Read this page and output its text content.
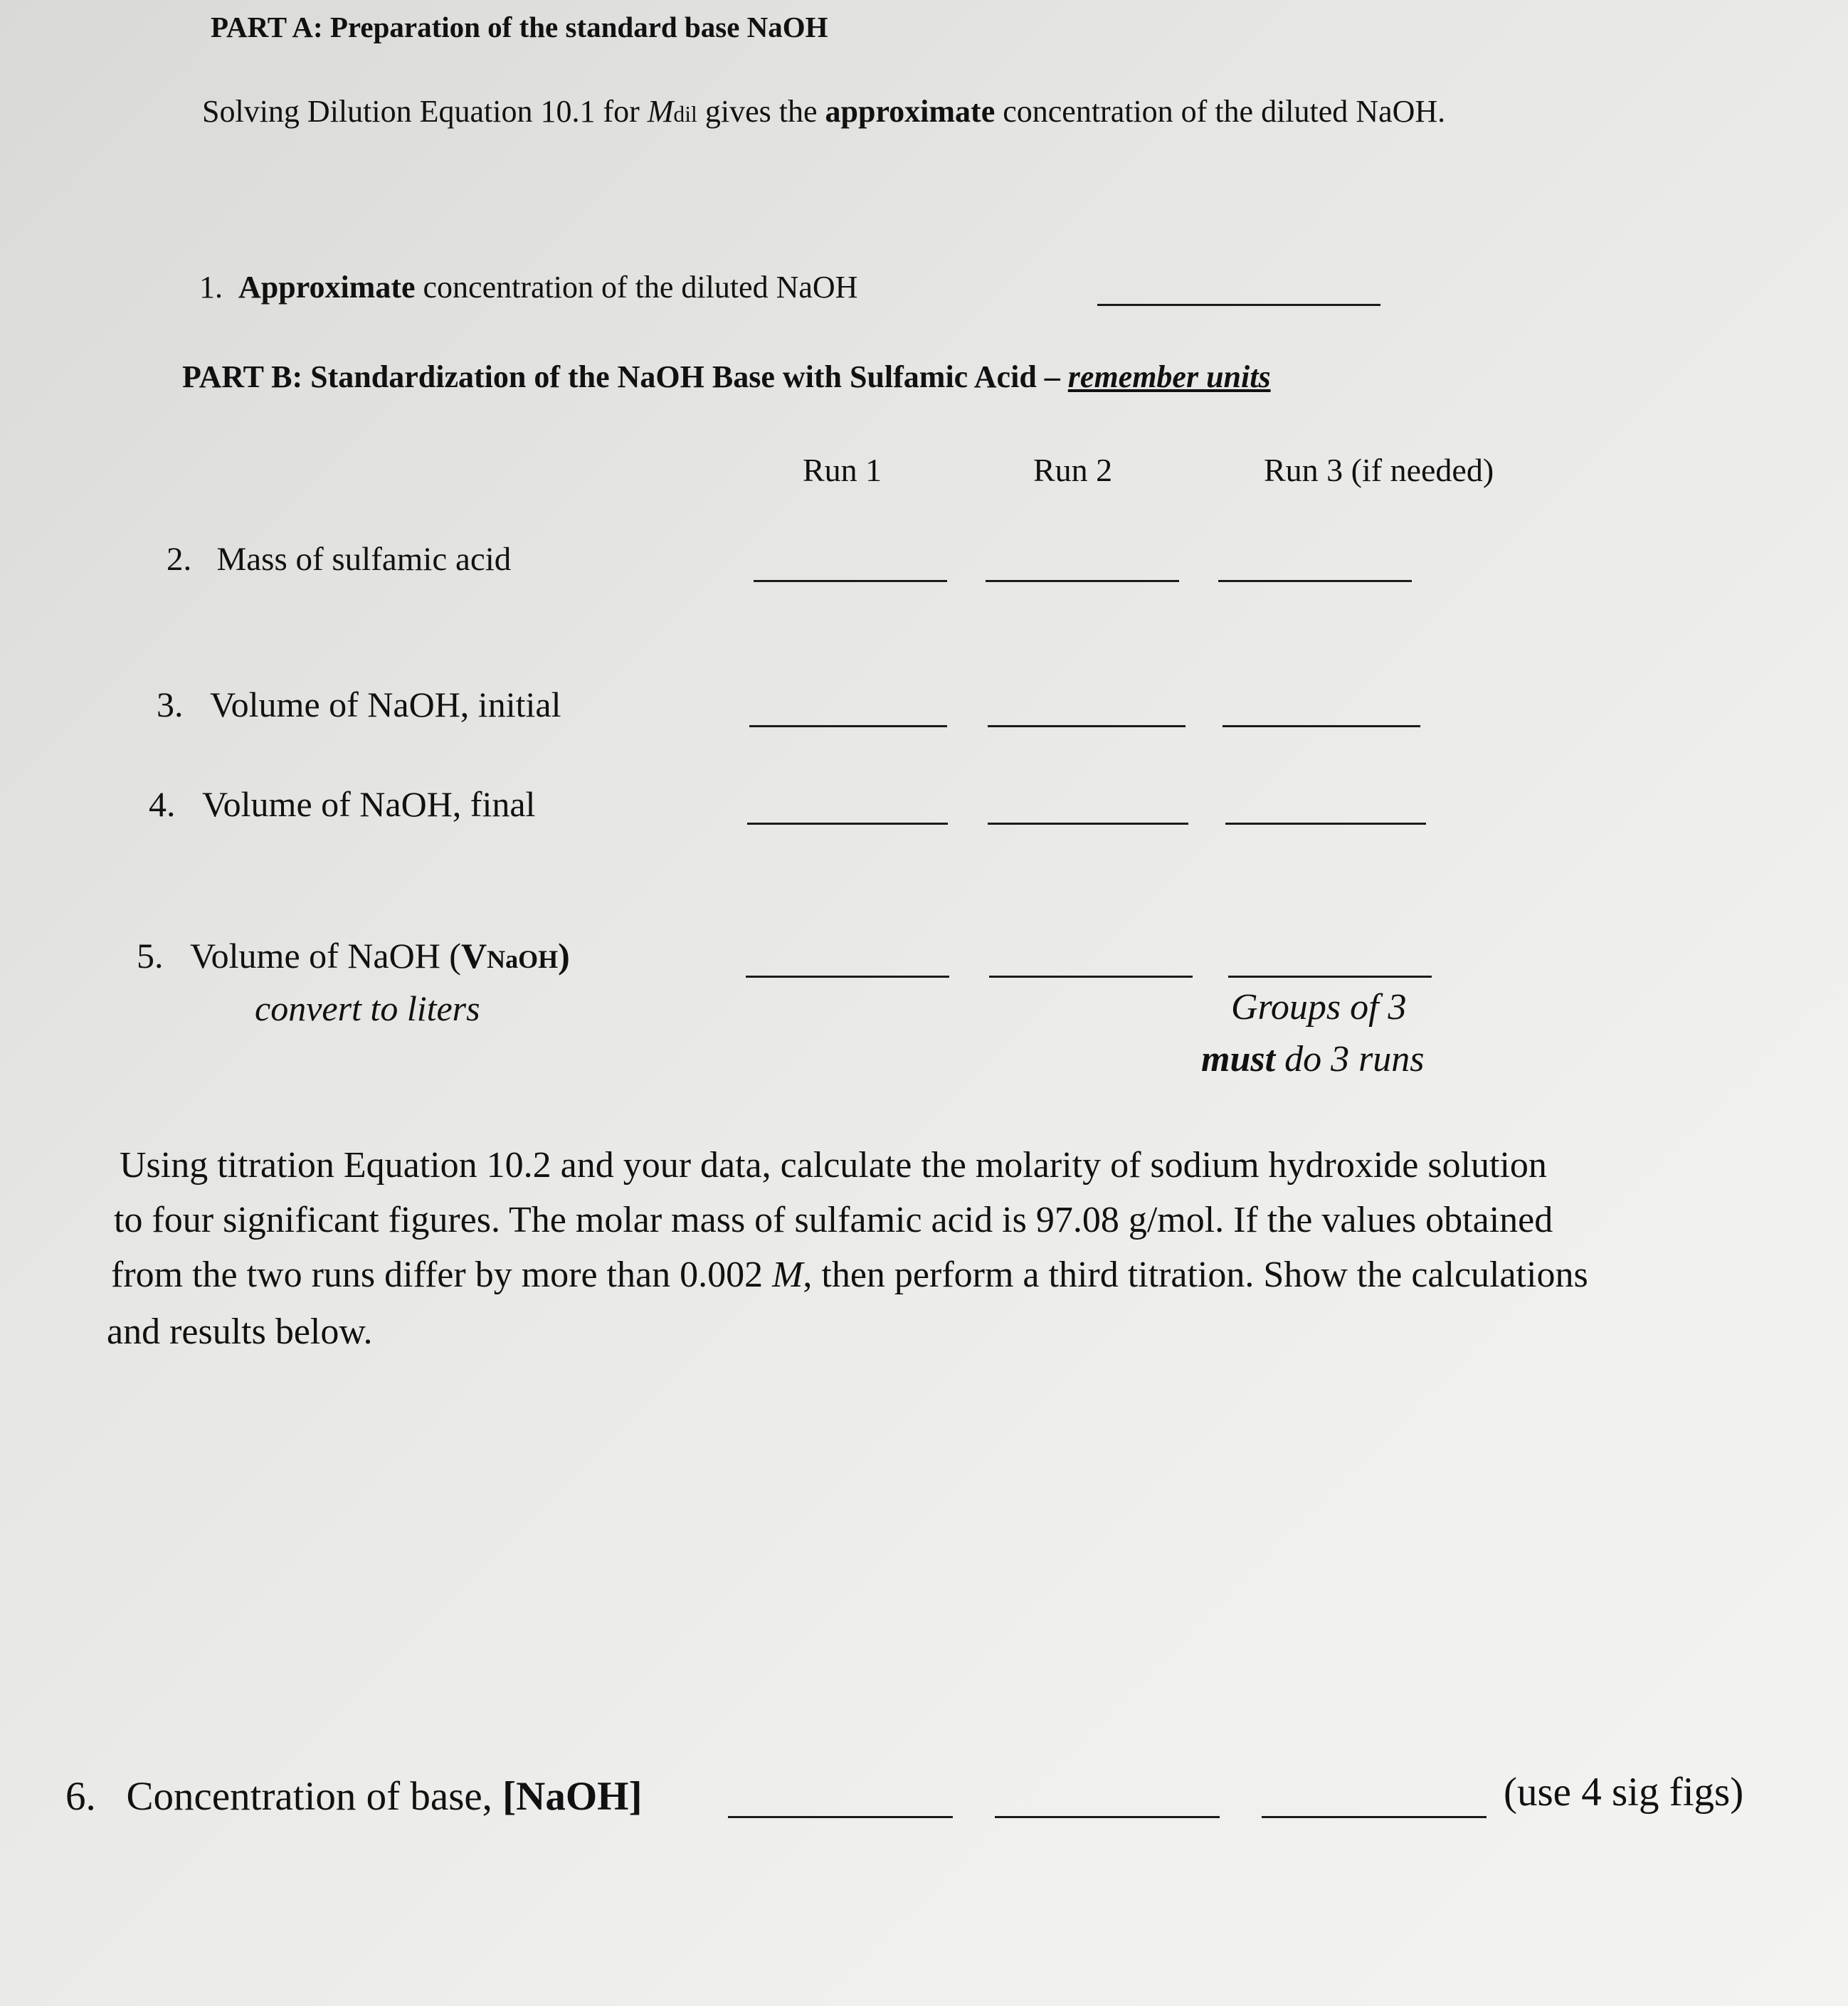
PART A: Preparation of the standard base NaOH
Solving Dilution Equation 10.1 for Mdil gives the approximate concentration of the diluted NaOH.
1. Approximate concentration of the diluted NaOH
PART B: Standardization of the NaOH Base with Sulfamic Acid – remember units
Run 1	Run 2	Run 3 (if needed)
2. Mass of sulfamic acid
3. Volume of NaOH, initial
4. Volume of NaOH, final
5. Volume of NaOH (VNaOH)
convert to liters	Groups of 3
must do 3 runs
Using titration Equation 10.2 and your data, calculate the molarity of sodium hydroxide solution
to four significant figures. The molar mass of sulfamic acid is 97.08 g/mol. If the values obtained
from the two runs differ by more than 0.002 M, then perform a third titration. Show the calculations
and results below.
6. Concentration of base, [NaOH]	(use 4 sig figs)
